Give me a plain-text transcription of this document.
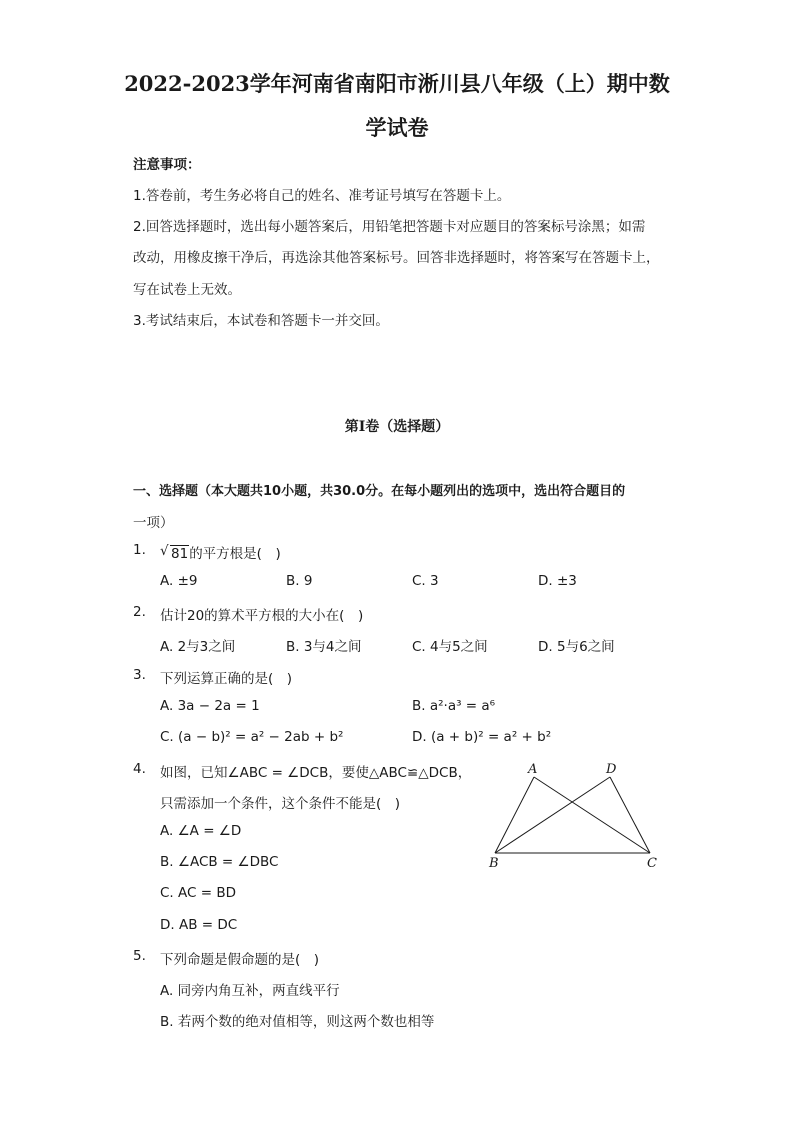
2022-2023学年河南省南阳市淅川县八年级（上）期中数
学试卷
注意事项：
1.答卷前，考生务必将自己的姓名、准考证号填写在答题卡上。
2.回答选择题时，选出每小题答案后，用铅笔把答题卡对应题目的答案标号涂黑；如需
改动，用橡皮擦干净后，再选涂其他答案标号。回答非选择题时，将答案写在答题卡上，
写在试卷上无效。
3.考试结束后，本试卷和答题卡一并交回。
第I卷（选择题）
一、选择题（本大题共10小题，共30.0分。在每小题列出的选项中，选出符合题目的
一项）
1. √ 81的平方根是(　)
A. ±9	B. 9	C. 3	D. ±3
2. 估计20的算术平方根的大小在(　)
A. 2与3之间	B. 3与4之间	C. 4与5之间	D. 5与6之间
3. 下列运算正确的是(　)
A. 3a − 2a = 1	B. a²·a³ = a⁶
C. (a − b)² = a² − 2ab + b²	D. (a + b)² = a² + b²
4. 如图，已知∠ABC = ∠DCB，要使△ABC≌△DCB，
只需添加一个条件，这个条件不能是(　)
A. ∠A = ∠D
B. ∠ACB = ∠DBC
C. AC = BD
D. AB = DC
A	D
B	C
5. 下列命题是假命题的是(　)
A. 同旁内角互补，两直线平行
B. 若两个数的绝对值相等，则这两个数也相等
